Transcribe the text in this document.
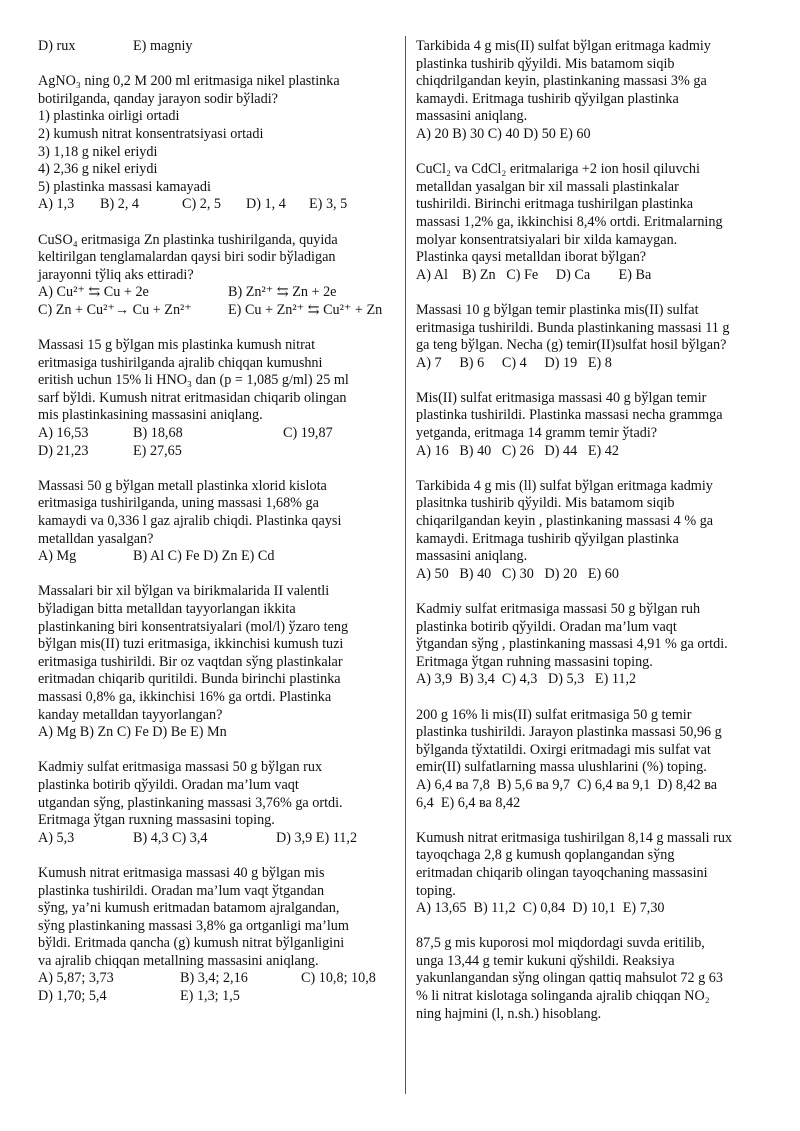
D) rux	E) magniy

AgNO₃ ning 0,2 M 200 ml eritmasiga nikel plastinka

botirilganda, qanday jarayon sodir bўladi?

1) plastinka oirligi ortadi

2) kumush nitrat konsentratsiyasi ortadi

3) 1,18 g nikel eriydi

4) 2,36 g nikel eriydi

5) plastinka massasi kamayadi

A) 1,3	B) 2, 4	C) 2, 5	D) 1, 4	E) 3, 5

CuSO₄ eritmasiga Zn plastinka tushirilganda, quyida

keltirilgan tenglamalardan qaysi biri sodir bўladigan

jarayonni tўliq aks ettiradi?

A) Cu²⁺ ⇆ Cu + 2e	B) Zn²⁺ ⇆ Zn + 2e
C) Zn + Cu²⁺→ Cu + Zn²⁺	E) Cu + Zn²⁺ ⇆ Cu²⁺ + Zn

Massasi 15 g bўlgan mis plastinka kumush nitrat

eritmasiga tushirilganda ajralib chiqqan kumushni

eritish uchun 15% li HNO₃ dan (p = 1,085 g/ml) 25 ml

sarf bўldi. Kumush nitrat eritmasidan chiqarib olingan

mis plastinkasining massasini aniqlang.

A) 16,53	B) 18,68	C) 19,87
D) 21,23	E) 27,65

Massasi 50 g bўlgan metall plastinka xlorid kislota

eritmasiga tushirilganda, uning massasi 1,68% ga

kamaydi va 0,336 l gaz ajralib chiqdi. Plastinka qaysi

metalldan yasalgan?

A) Mg	B) Al C) Fe D) Zn E) Cd

Massalari bir xil bўlgan va birikmalarida II valentli

bўladigan bitta metalldan tayyorlangan ikkita

plastinkaning biri konsentratsiyalari (mol/l) ўzaro teng

bўlgan mis(II) tuzi eritmasiga, ikkinchisi kumush tuzi

eritmasiga tushirildi. Bir oz vaqtdan sўng plastinkalar

eritmadan chiqarib quritildi. Bunda birinchi plastinka

massasi 0,8% ga, ikkinchisi 16% ga ortdi. Plastinka

kanday metalldan tayyorlangan?

A) Mg B) Zn C) Fe D) Be E) Mn

Kadmiy sulfat eritmasiga massasi 50 g bўlgan rux

plastinka botirib qўyildi. Oradan ma’lum vaqt

utgandan sўng, plastinkaning massasi 3,76% ga ortdi.

Eritmaga ўtgan ruxning massasini toping.

A) 5,3	B) 4,3 C) 3,4	D) 3,9 E) 11,2

Kumush nitrat eritmasiga massasi 40 g bўlgan mis

plastinka tushirildi. Oradan ma’lum vaqt ўtgandan

sўng, ya’ni kumush eritmadan batamom ajralgandan,

sўng plastinkaning massasi 3,8% ga ortganligi ma’lum

bўldi. Eritmada qancha (g) kumush nitrat bўlganligini

va ajralib chiqqan metallning massasini aniqlang.

A) 5,87; 3,73	B) 3,4; 2,16	C) 10,8; 10,8
D) 1,70; 5,4	E) 1,3; 1,5

Tarkibida 4 g mis(II) sulfat bўlgan eritmaga kadmiy

plastinka tushirib qўyildi. Mis batamom siqib

chiqdrilgandan keyin, plastinkaning massasi 3% ga

kamaydi. Eritmaga tushirib qўyilgan plastinka

massasini aniqlang.

A) 20 B) 30 C) 40 D) 50 E) 60

CuCl₂ va CdCl₂ eritmalariga +2 ion hosil qiluvchi

metalldan yasalgan bir xil massali plastinkalar

tushirildi. Birinchi eritmaga tushirilgan plastinka

massasi 1,2% ga, ikkinchisi 8,4% ortdi. Eritmalarning

molyar konsentratsiyalari bir xilda kamaygan.

Plastinka qaysi metalldan iborat bўlgan?

A) Al    B) Zn   C) Fe     D) Ca        E) Ba

Massasi 10 g bўlgan temir plastinka mis(II) sulfat

eritmasiga tushirildi. Bunda plastinkaning massasi 11 g

ga teng bўlgan. Necha (g) temir(II)sulfat hosil bўlgan?

A) 7     B) 6     C) 4     D) 19   E) 8

Mis(II) sulfat eritmasiga massasi 40 g bўlgan temir

plastinka tushirildi. Plastinka massasi necha grammga

yetganda, eritmaga 14 gramm temir ўtadi?

A) 16   B) 40   C) 26   D) 44   E) 42

Tarkibida 4 g mis (ll) sulfat bўlgan eritmaga kadmiy

plasitnka tushirib qўyildi. Mis batamom siqib

chiqarilgandan keyin , plastinkaning massasi 4 % ga

kamaydi. Eritmaga tushirib qўyilgan plastinka

massasini aniqlang.

A) 50   B) 40   C) 30   D) 20   E) 60

Kadmiy sulfat eritmasiga massasi 50 g bўlgan ruh

plastinka botirib qўyildi. Oradan ma’lum vaqt

ўtgandan sўng , plastinkaning massasi 4,91 % ga ortdi.

Eritmaga ўtgan ruhning massasini toping.

A) 3,9  B) 3,4  C) 4,3   D) 5,3   E) 11,2

200 g 16% li mis(II) sulfat eritmasiga 50 g temir

plastinka tushirildi. Jarayon plastinka massasi 50,96 g

bўlganda tўxtatildi. Oxirgi eritmadagi mis sulfat vat

emir(II) sulfatlarning massa ulushlarini (%) toping.

A) 6,4 ва 7,8  B) 5,6 ва 9,7  C) 6,4 ва 9,1  D) 8,42 ва

6,4  E) 6,4 ва 8,42

Kumush nitrat eritmasiga tushirilgan 8,14 g massali rux

tayoqchaga 2,8 g kumush qoplangandan sўng

eritmadan chiqarib olingan tayoqchaning massasini

toping.

A) 13,65  B) 11,2  C) 0,84  D) 10,1  E) 7,30

87,5 g mis kuporosi mol miqdordagi suvda eritilib,

unga 13,44 g temir kukuni qўshildi. Reaksiya

yakunlangandan sўng olingan qattiq mahsulot 72 g 63

% li nitrat kislotaga solinganda ajralib chiqqan NO₂

ning hajmini (l, n.sh.) hisoblang.
